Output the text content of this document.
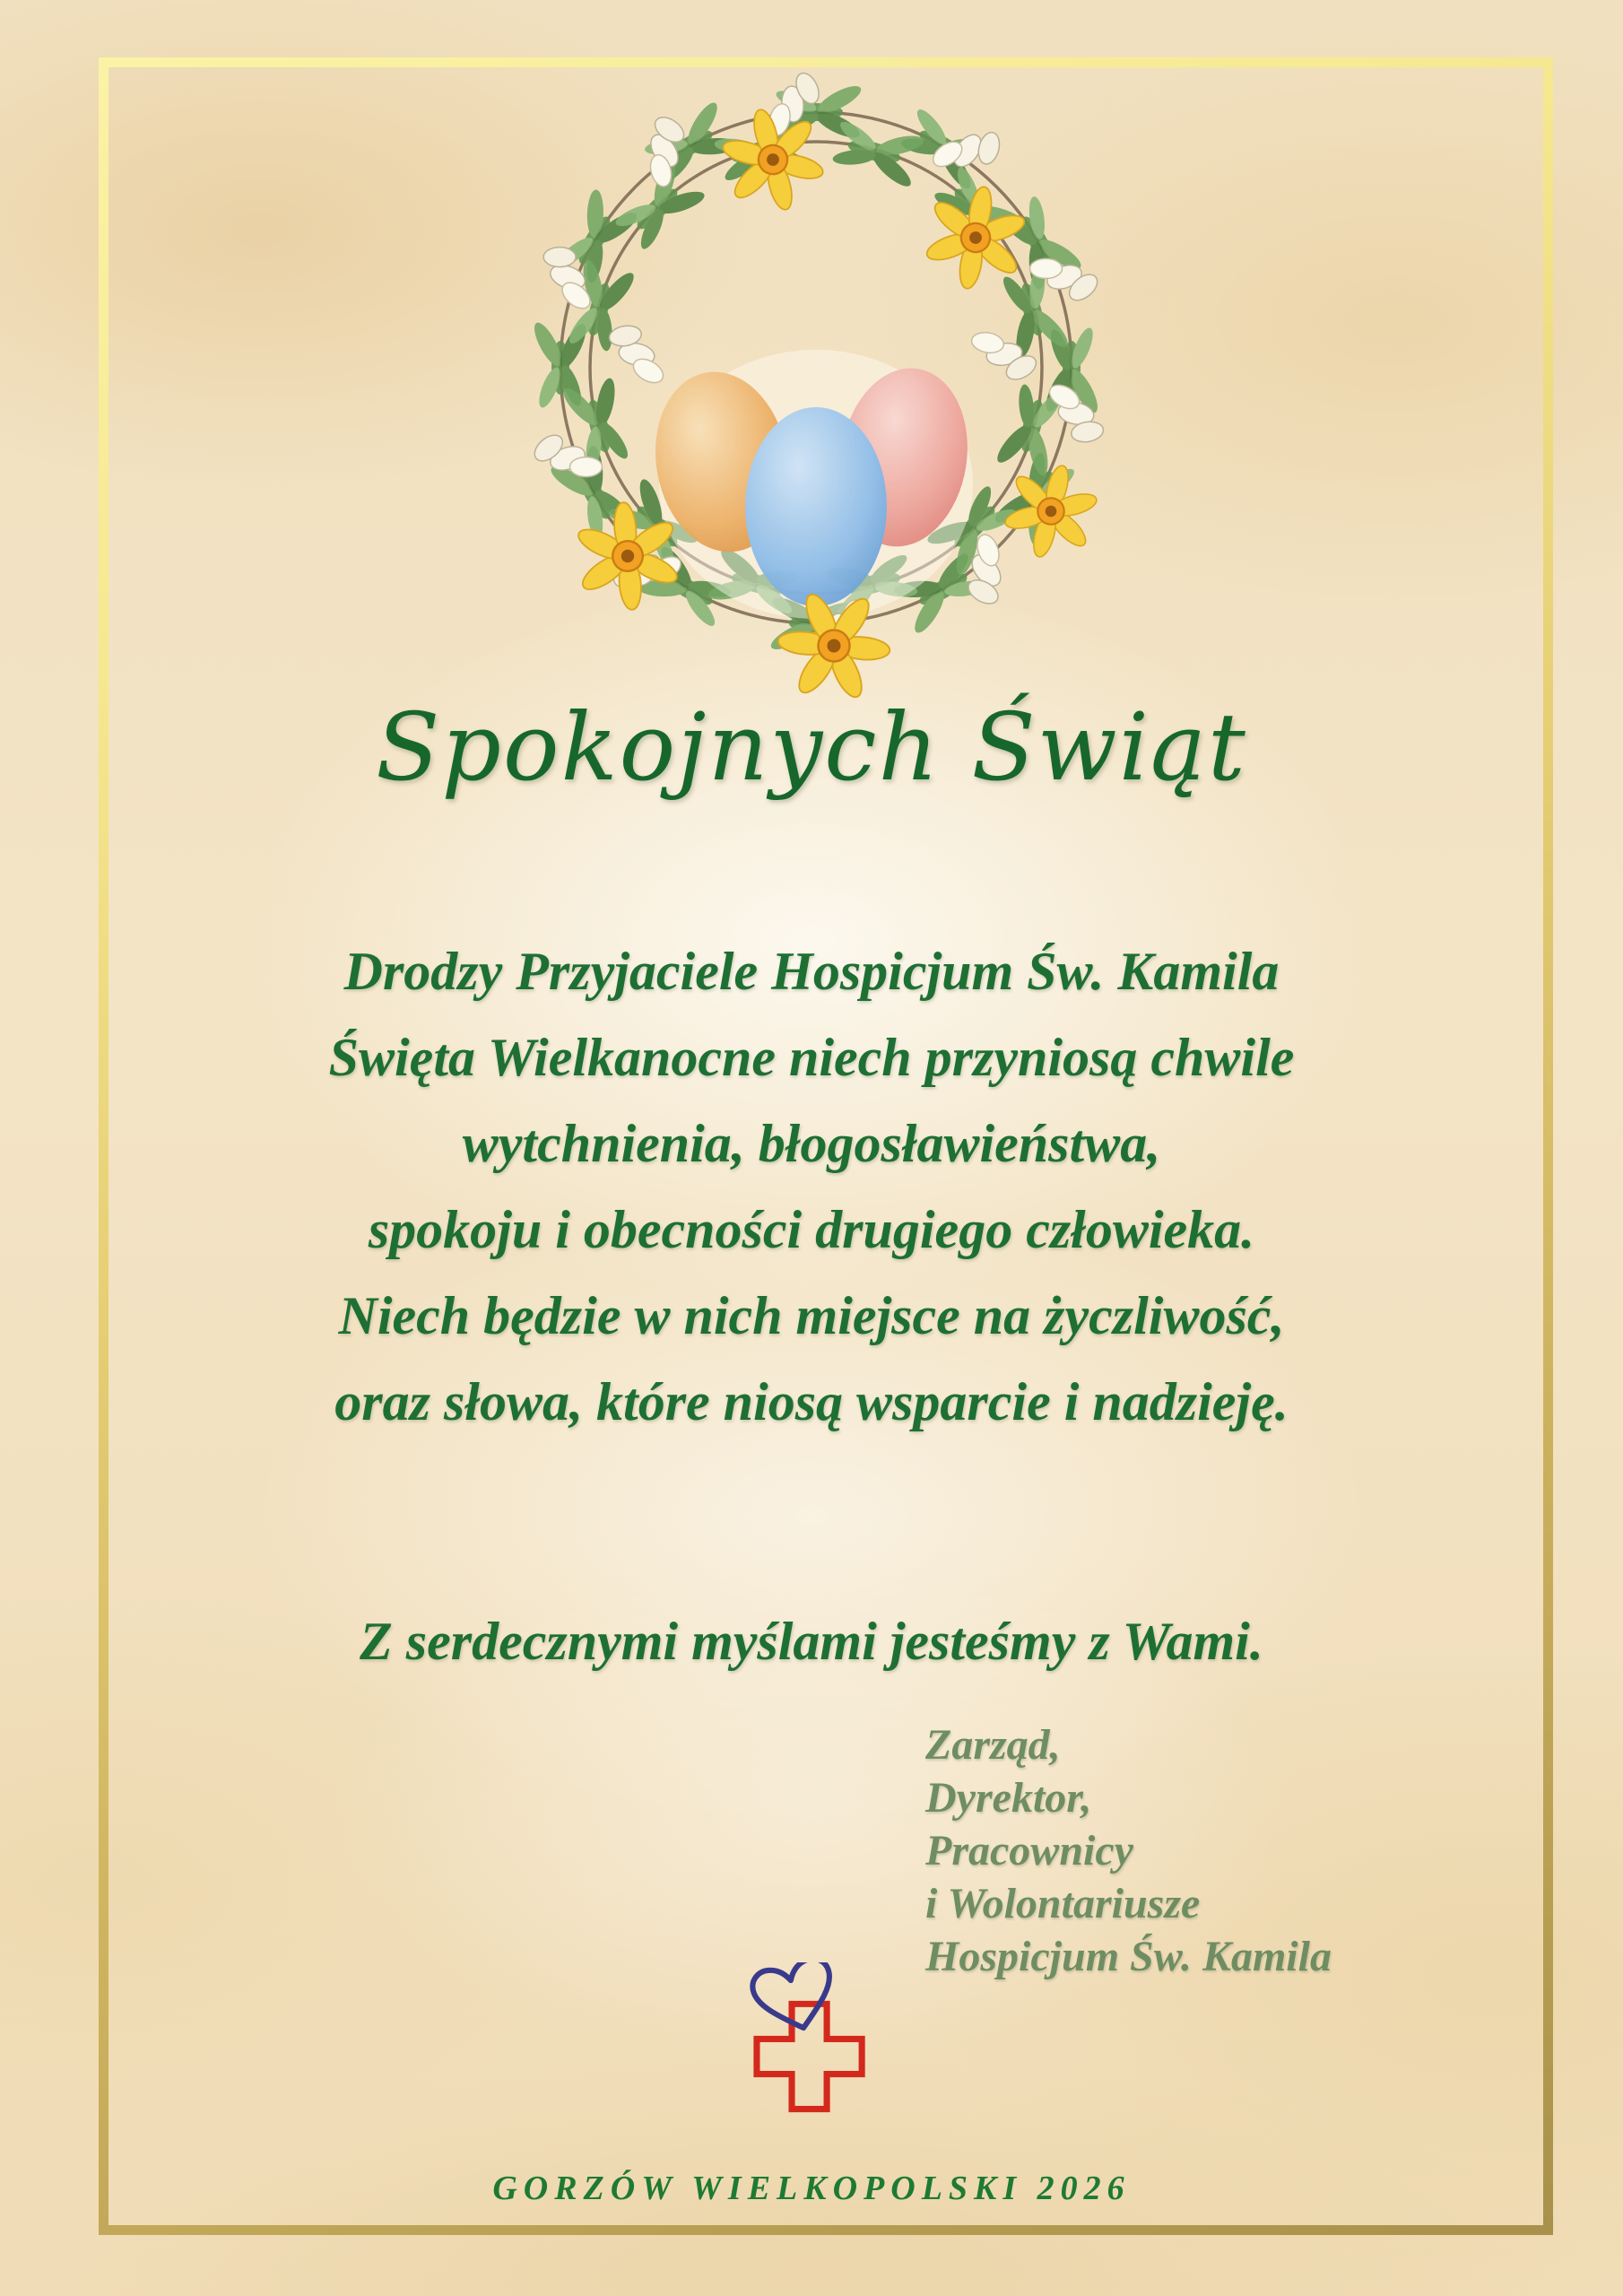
Spokojnych Świąt
Drodzy Przyjaciele Hospicjum Św. Kamila
Święta Wielkanocne niech przyniosą chwile
wytchnienia, błogosławieństwa,
spokoju i obecności drugiego człowieka.
Niech będzie w nich miejsce na życzliwość,
oraz słowa, które niosą wsparcie i nadzieję.
Z serdecznymi myślami jesteśmy z Wami.
Zarząd,
Dyrektor,
Pracownicy
i Wolontariusze
Hospicjum Św. Kamila
GORZÓW WIELKOPOLSKI 2026
